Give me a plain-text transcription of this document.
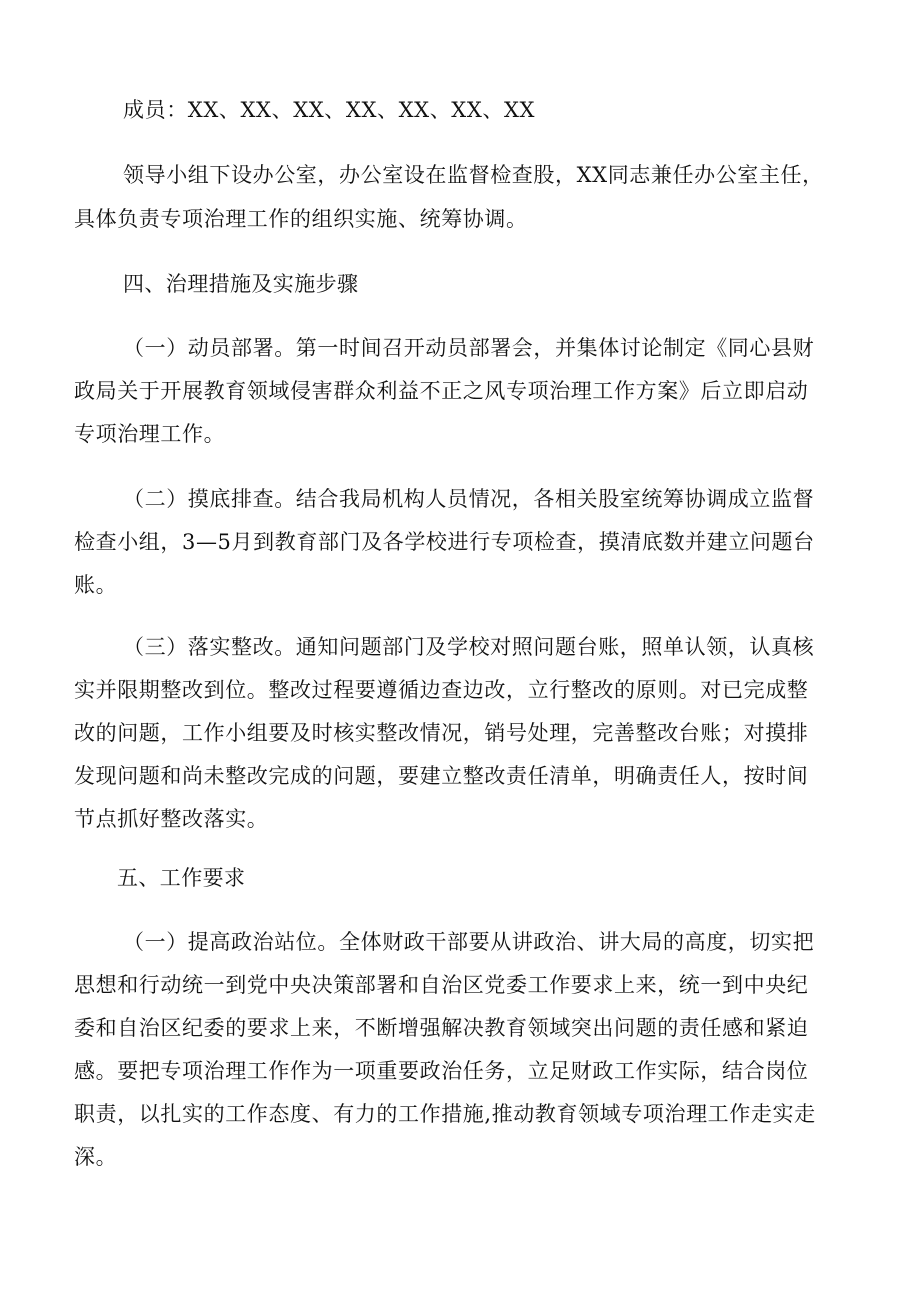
成员：XX、XX、XX、XX、XX、XX、XX
领导小组下设办公室，办公室设在监督检查股，XX同志兼任办公室主任，
具体负责专项治理工作的组织实施、统筹协调。
四、治理措施及实施步骤
（一）动员部署。第一时间召开动员部署会，并集体讨论制定《同心县财
政局关于开展教育领域侵害群众利益不正之风专项治理工作方案》后立即启动
专项治理工作。
（二）摸底排查。结合我局机构人员情况，各相关股室统筹协调成立监督
检查小组，3—5月到教育部门及各学校进行专项检查，摸清底数并建立问题台
账。
（三）落实整改。通知问题部门及学校对照问题台账，照单认领，认真核
实并限期整改到位。整改过程要遵循边查边改，立行整改的原则。对已完成整
改的问题，工作小组要及时核实整改情况，销号处理，完善整改台账；对摸排
发现问题和尚未整改完成的问题，要建立整改责任清单，明确责任人，按时间
节点抓好整改落实。
五、工作要求
（一）提高政治站位。全体财政干部要从讲政治、讲大局的高度，切实把
思想和行动统一到党中央决策部署和自治区党委工作要求上来，统一到中央纪
委和自治区纪委的要求上来，不断增强解决教育领域突出问题的责任感和紧迫
感。要把专项治理工作作为一项重要政治任务，立足财政工作实际，结合岗位
职责，以扎实的工作态度、有力的工作措施,推动教育领域专项治理工作走实走
深。
